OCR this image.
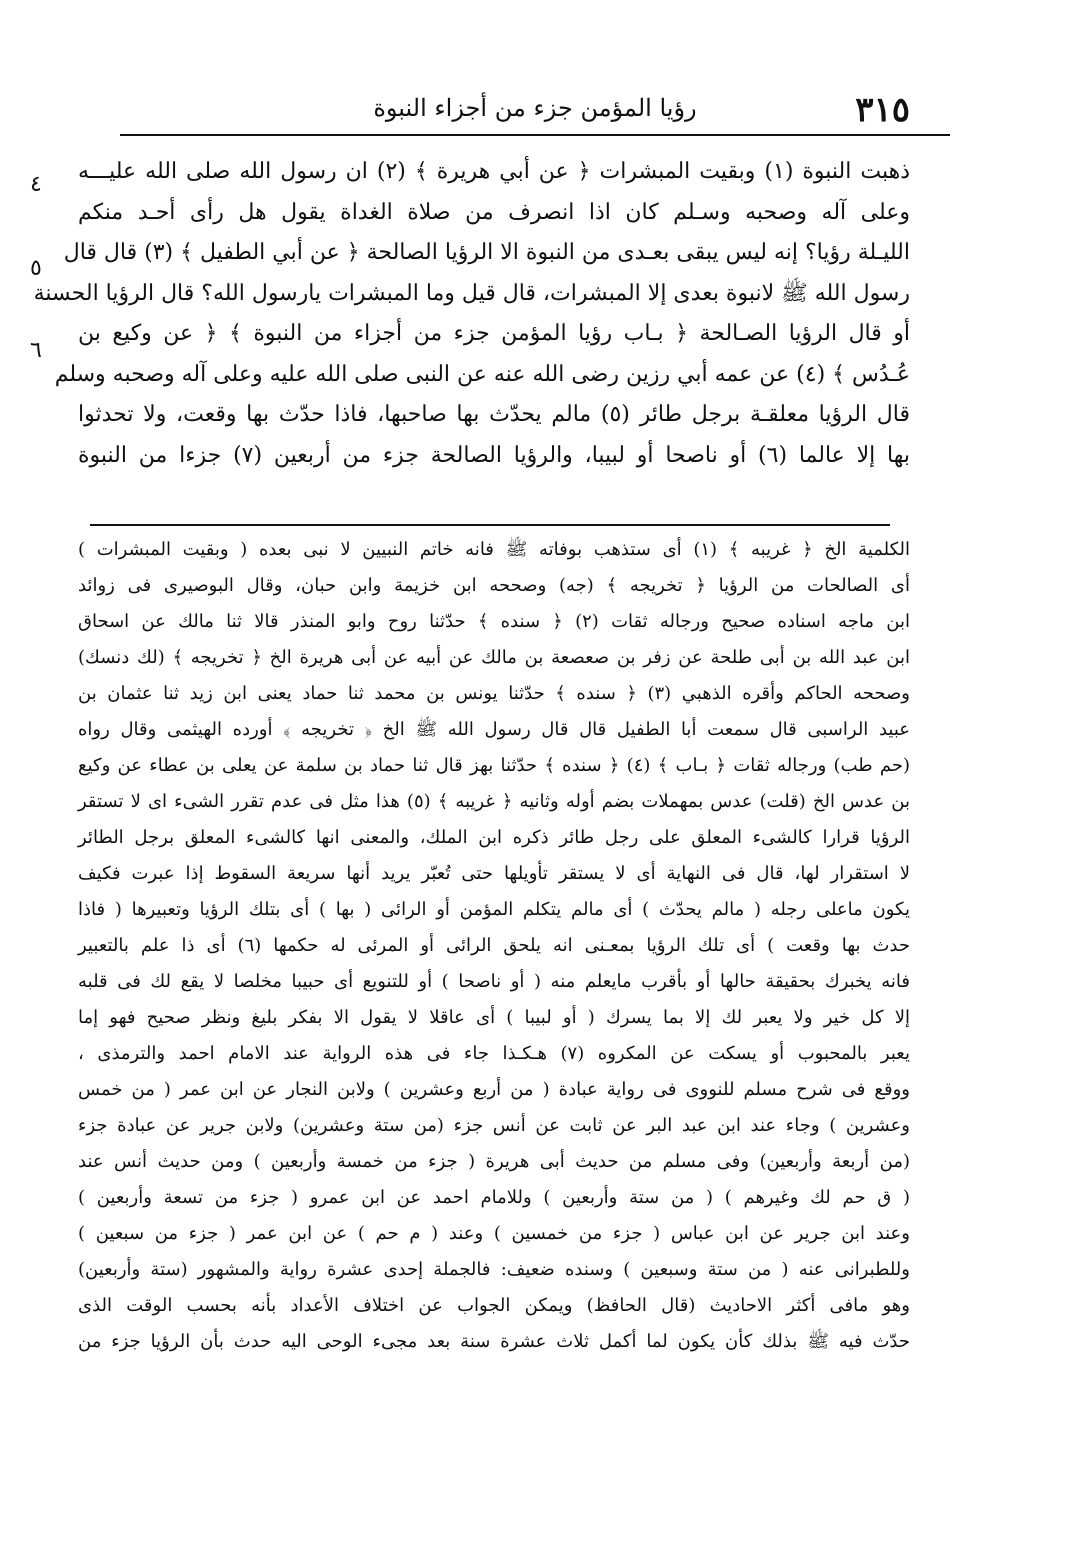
٣١٥
رؤيا المؤمن جزء من أجزاء النبوة
٤
٥
٦
ذهبت النبوة (١) وبقيت المبشرات ﴿ عن أبي هريرة ﴾ (٢) ان رسول الله صلى الله عليـــه
وعلى آله وصحبه وسـلم كان اذا انصرف من صلاة الغداة يقول هل رأى أحـد منكم
الليـلة رؤيا؟ إنه ليس يبقى بعـدى من النبوة الا الرؤيا الصالحة ﴿ عن أبي الطفيل ﴾ (٣) قال قال
رسول الله ﷺ لانبوة بعدى إلا المبشرات، قال قيل وما المبشرات يارسول الله؟ قال الرؤيا الحسنة
أو قال الرؤيا الصـالحة ﴿ بـاب رؤيا المؤمن جزء من أجزاء من النبوة ﴾ ﴿ عن وكيع بن
عُـدُس ﴾ (٤) عن عمه أبي رزين رضى الله عنه عن النبى صلى الله عليه وعلى آله وصحبه وسلم
قال الرؤيا معلقـة برجل طائر (٥) مالم يحدّث بها صاحبها، فاذا حدّث بها وقعت، ولا تحدثوا
بها إلا عالما (٦) أو ناصحا أو لبيبا، والرؤيا الصالحة جزء من أربعين (٧) جزءا من النبوة
الكلمية الخ ﴿ غريبه ﴾ (١) أى ستذهب بوفاته ﷺ فانه خاتم النبيين لا نبى بعده ( وبقيت المبشرات )
أى الصالحات من الرؤيا ﴿ تخريجه ﴾ (جه) وصححه ابن خزيمة وابن حبان، وقال البوصيرى فى زوائد
ابن ماجه اسناده صحيح ورجاله ثقات (٢) ﴿ سنده ﴾ حدّثنا روح وابو المنذر قالا ثنا مالك عن اسحاق
ابن عبد الله بن أبى طلحة عن زفر بن صعصعة بن مالك عن أبيه عن أبى هريرة الخ ﴿ تخريجه ﴾ (لك دنسك)
وصححه الحاكم وأقره الذهبي (٣) ﴿ سنده ﴾ حدّثنا يونس بن محمد ثنا حماد يعنى ابن زيد ثنا عثمان بن
عبيد الراسبى قال سمعت أبا الطفيل قال قال رسول الله ﷺ الخ ﴿ تخريجه ﴾ أورده الهيثمى وقال رواه
(حم طب) ورجاله ثقات ﴿ بـاب ﴾ (٤) ﴿ سنده ﴾ حدّثنا بهز قال ثنا حماد بن سلمة عن يعلى بن عطاء عن وكيع
بن عدس الخ (قلت) عدس بمهملات بضم أوله وثانيه ﴿ غريبه ﴾ (٥) هذا مثل فى عدم تقرر الشىء اى لا تستقر
الرؤيا قرارا كالشىء المعلق على رجل طائر ذكره ابن الملك، والمعنى انها كالشىء المعلق برجل الطائر
لا استقرار لها، قال فى النهاية أى لا يستقر تأويلها حتى تُعبّر يريد أنها سريعة السقوط إذا عبرت فكيف
يكون ماعلى رجله ( مالم يحدّث ) أى مالم يتكلم المؤمن أو الرائى ( بها ) أى بتلك الرؤيا وتعبيرها ( فاذا
حدث بها وقعت ) أى تلك الرؤيا بمعـنى انه يلحق الرائى أو المرئى له حكمها (٦) أى ذا علم بالتعبير
فانه يخبرك بحقيقة حالها أو بأقرب مايعلم منه ( أو ناصحا ) أو للتنويع أى حبيبا مخلصا لا يقع لك فى قلبه
إلا كل خير ولا يعبر لك إلا بما يسرك ( أو لبيبا ) أى عاقلا لا يقول الا بفكر بليغ ونظر صحيح فهو إما
يعبر بالمحبوب أو يسكت عن المكروه (٧) هـكـذا جاء فى هذه الرواية عند الامام احمد والترمذى ،
ووقع فى شرح مسلم للنووى فى رواية عبادة ( من أربع وعشرين ) ولابن النجار عن ابن عمر ( من خمس
وعشرين ) وجاء عند ابن عبد البر عن ثابت عن أنس جزء (من ستة وعشرين) ولابن جرير عن عبادة جزء
(من أربعة وأربعين) وفى مسلم من حديث أبى هريرة ( جزء من خمسة وأربعين ) ومن حديث أنس عند
( ق حم لك وغيرهم ) ( من ستة وأربعين ) وللامام احمد عن ابن عمرو ( جزء من تسعة وأربعين )
وعند ابن جرير عن ابن عباس ( جزء من خمسين ) وعند ( م حم ) عن ابن عمر ( جزء من سبعين )
وللطبرانى عنه ( من ستة وسبعين ) وسنده ضعيف: فالجملة إحدى عشرة رواية والمشهور (ستة وأربعين)
وهو مافى أكثر الاحاديث (قال الحافظ) ويمكن الجواب عن اختلاف الأعداد بأنه بحسب الوقت الذى
حدّث فيه ﷺ بذلك كأن يكون لما أكمل ثلاث عشرة سنة بعد مجىء الوحى اليه حدث بأن الرؤيا جزء من
